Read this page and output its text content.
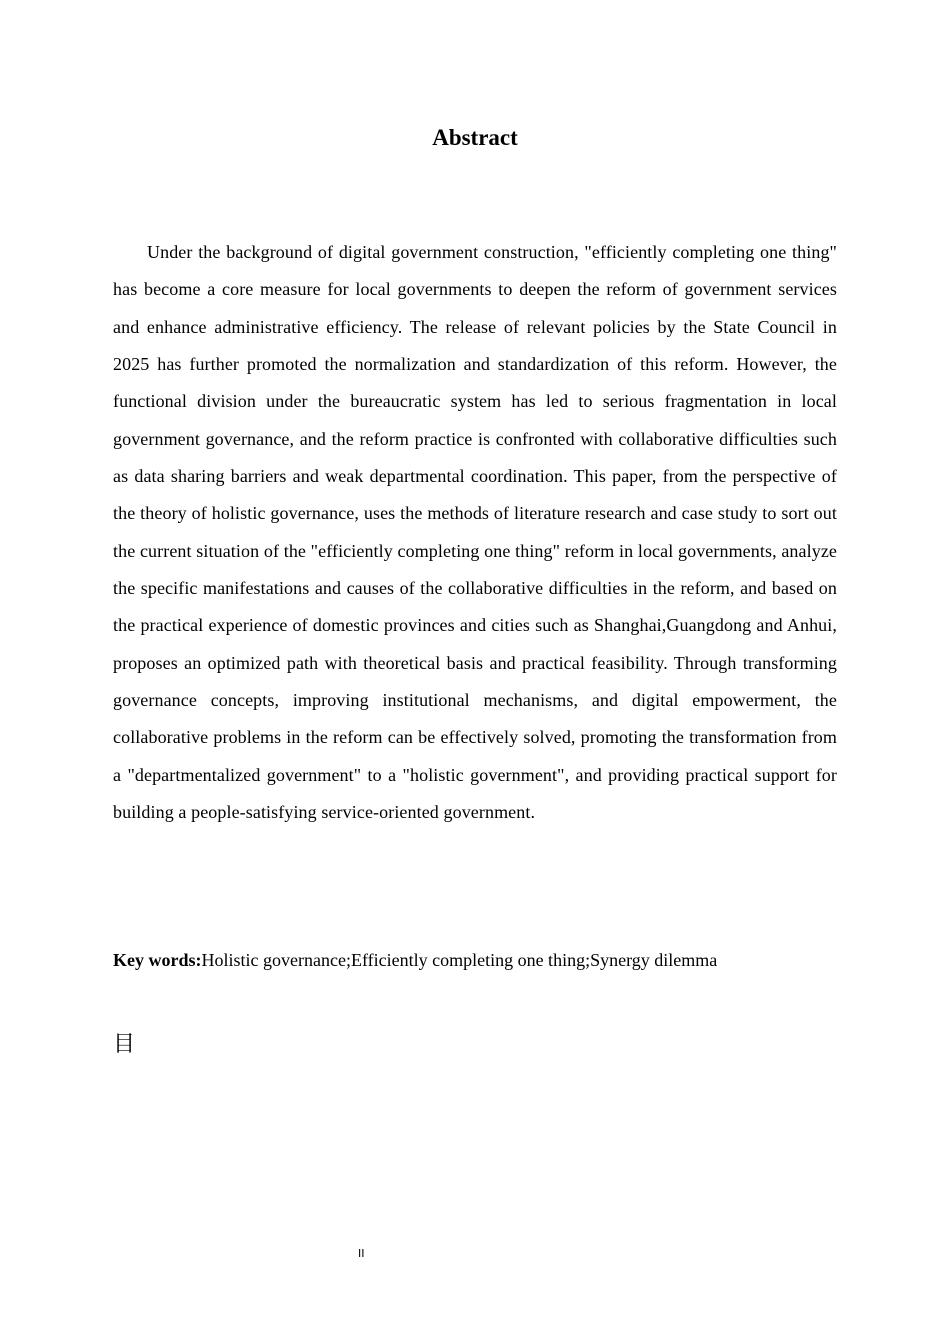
Abstract

Under the background of digital government construction, "efficiently completing one thing" has become a core measure for local governments to deepen the reform of government services and enhance administrative efficiency. The release of relevant policies by the State Council in 2025 has further promoted the normalization and standardization of this reform. However, the functional division under the bureaucratic system has led to serious fragmentation in local government governance, and the reform practice is confronted with collaborative difficulties such as data sharing barriers and weak departmental coordination. This paper, from the perspective of the theory of holistic governance, uses the methods of literature research and case study to sort out the current situation of the "efficiently completing one thing" reform in local governments, analyze the specific manifestations and causes of the collaborative difficulties in the reform, and based on the practical experience of domestic provinces and cities such as Shanghai,Guangdong and Anhui, proposes an optimized path with theoretical basis and practical feasibility. Through transforming governance concepts, improving institutional mechanisms, and digital empowerment, the collaborative problems in the reform can be effectively solved, promoting the transformation from a "departmentalized government" to a "holistic government", and providing practical support for building a people-satisfying service-oriented government.

Key words:Holistic governance;Efficiently completing one thing;Synergy dilemma
目
II
